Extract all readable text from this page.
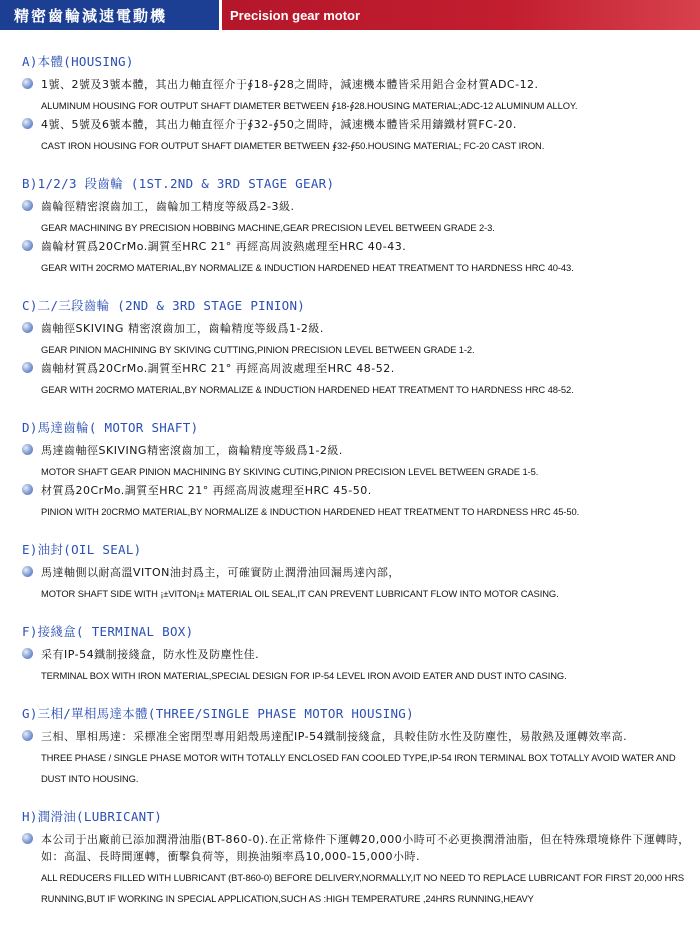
精密齒輪減速電動機	Precision gear motor
A)本體(HOUSING)
1號、2號及3號本體，其出力軸直徑介于∮18-∮28之間時，減速機本體皆采用鋁合金材質ADC-12.
ALUMINUM HOUSING FOR OUTPUT SHAFT DIAMETER BETWEEN ∮18-∮28.HOUSING MATERIAL;ADC-12 ALUMINUM ALLOY.
4號、5號及6號本體，其出力軸直徑介于∮32-∮50之間時，減速機本體皆采用鑄鐵材質FC-20.
CAST IRON HOUSING FOR OUTPUT SHAFT DIAMETER BETWEEN ∮32-∮50.HOUSING MATERIAL; FC-20 CAST IRON.
B)1/2/3 段齒輪 (1ST.2ND & 3RD STAGE GEAR)
齒輪徑精密滾齒加工，齒輪加工精度等級爲2-3級.
GEAR MACHINING BY PRECISION HOBBING MACHINE,GEAR PRECISION LEVEL BETWEEN GRADE 2-3.
齒輪材質爲20CrMo.調質至HRC 21° 再經高周波熱處理至HRC 40-43.
GEAR WITH 20CRMO MATERIAL,BY NORMALIZE & INDUCTION HARDENED HEAT TREATMENT TO HARDNESS HRC 40-43.
C)二/三段齒輪 (2ND & 3RD STAGE PINION)
齒軸徑SKIVING 精密滾齒加工，齒輪精度等級爲1-2級.
GEAR PINION MACHINING BY SKIVING CUTTING,PINION PRECISION LEVEL BETWEEN GRADE 1-2.
齒軸材質爲20CrMo.調質至HRC 21° 再經高周波處理至HRC 48-52.
GEAR WITH 20CRMO MATERIAL,BY NORMALIZE & INDUCTION HARDENED HEAT TREATMENT TO HARDNESS HRC 48-52.
D)馬達齒輪( MOTOR SHAFT)
馬達齒軸徑SKIVING精密滾齒加工，齒輪精度等級爲1-2級.
MOTOR SHAFT GEAR PINION MACHINING BY SKIVING CUTING,PINION PRECISION LEVEL BETWEEN GRADE 1-5.
材質爲20CrMo.調質至HRC 21° 再經高周波處理至HRC 45-50.
PINION WITH 20CRMO MATERIAL,BY NORMALIZE & INDUCTION HARDENED HEAT TREATMENT TO HARDNESS HRC 45-50.
E)油封(OIL SEAL)
馬達軸側以耐高溫VITON油封爲主，可確實防止潤滑油回漏馬達內部，
MOTOR SHAFT SIDE WITH ¡±VITON¡± MATERIAL OIL SEAL,IT CAN PREVENT LUBRICANT FLOW INTO MOTOR CASING.
F)接綫盒( TERMINAL BOX)
采有IP-54鐵制接綫盒，防水性及防塵性佳.
TERMINAL BOX WITH IRON MATERIAL,SPECIAL DESIGN FOR IP-54 LEVEL IRON AVOID EATER AND DUST INTO CASING.
G)三相/單相馬達本體(THREE/SINGLE PHASE MOTOR HOUSING)
三相、單相馬達：采標准全密閉型專用鋁殼馬達配IP-54鐵制接綫盒，具較佳防水性及防塵性，易散熱及運轉效率高.
THREE PHASE / SINGLE PHASE MOTOR WITH TOTALLY ENCLOSED FAN COOLED TYPE,IP-54 IRON TERMINAL BOX TOTALLY AVOID WATER AND DUST INTO HOUSING.
H)潤滑油(LUBRICANT)
本公司于出廠前已添加潤滑油脂(BT-860-0).在正常條件下運轉20,000小時可不必更換潤滑油脂，但在特殊環境條件下運轉時，如：高温、長時間運轉，衝擊負荷等，則换油頻率爲10,000-15,000小時.
ALL REDUCERS FILLED WITH LUBRICANT (BT-860-0) BEFORE DELIVERY,NORMALLY,IT NO NEED TO REPLACE LUBRICANT FOR FIRST 20,000 HRS RUNNING,BUT IF WORKING IN SPECIAL APPLICATION,SUCH AS :HIGH TEMPERATURE ,24HRS RUNNING,HEAVY
